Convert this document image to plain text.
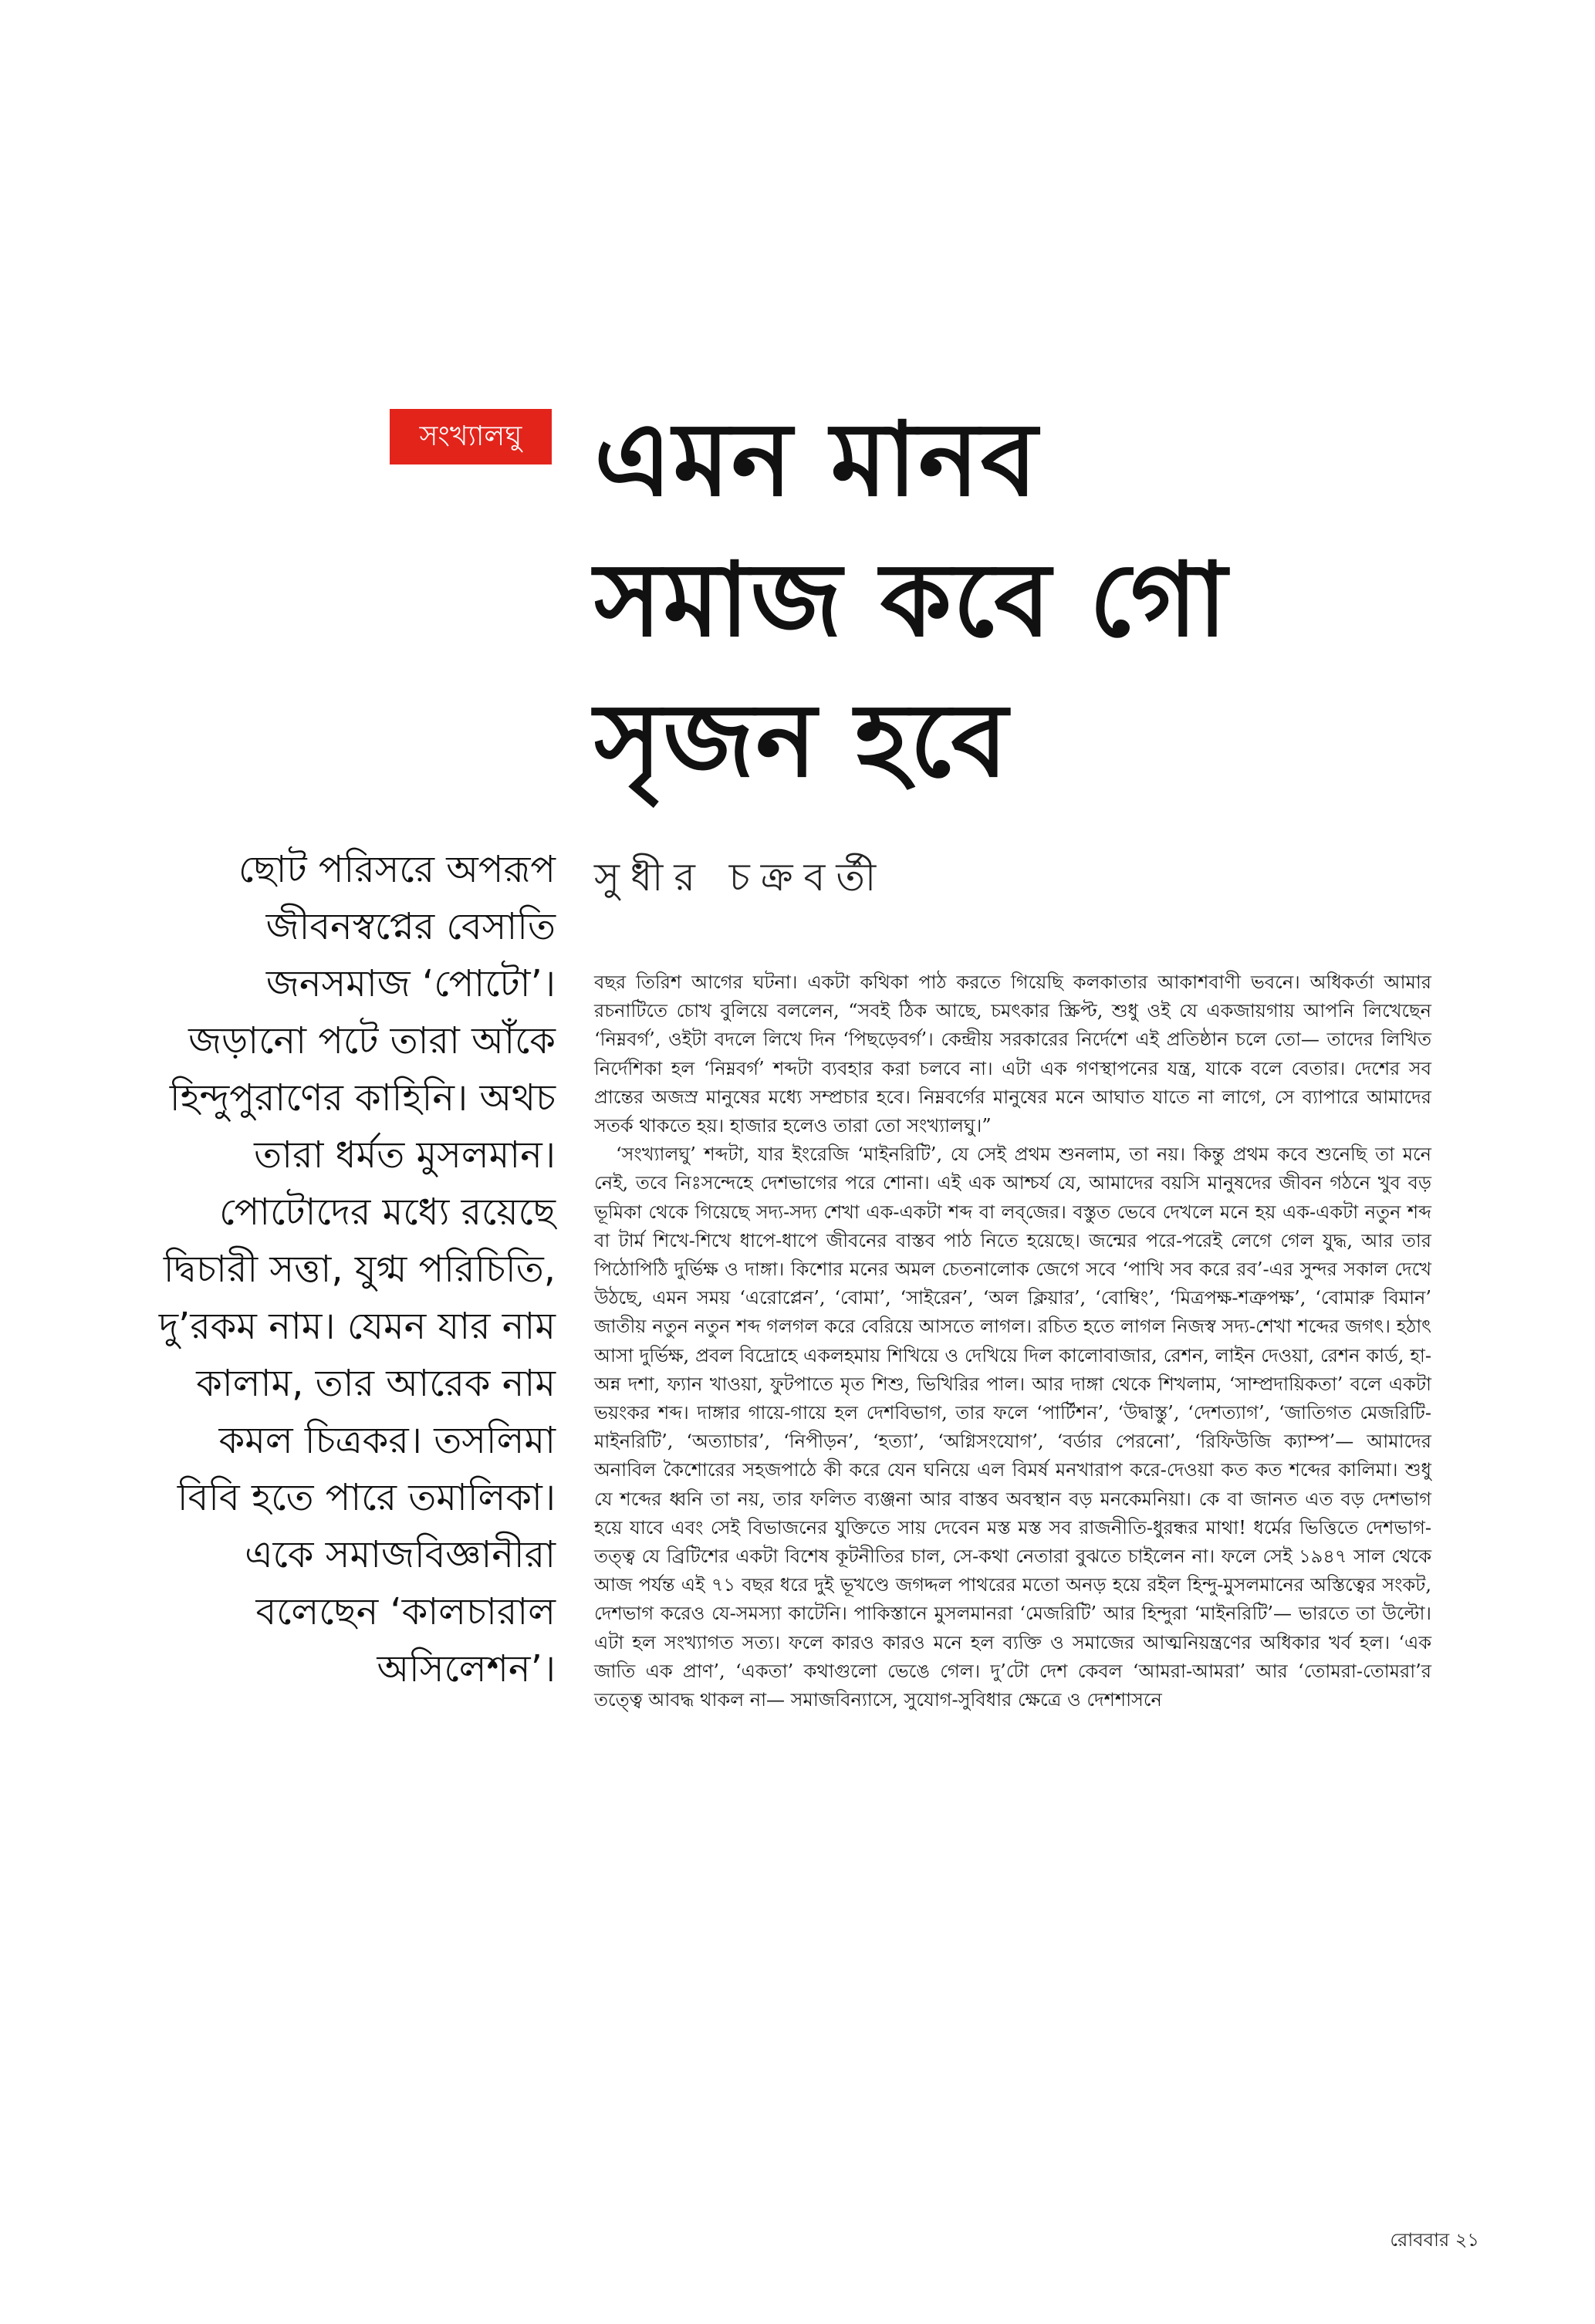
সংখ্যালঘু এমন মানব
সমাজ কবে গো
সৃজন হবে
সুধীর চক্রবর্তী
ছোট পরিসরে অপরূপ জীবনস্বপ্নের বেসাতি জনসমাজ ‘পোটো’। জড়ানো পটে তারা আঁকে হিন্দুপুরাণের কাহিনি। অথচ তারা ধর্মত মুসলমান। পোটোদের মধ্যে রয়েছে দ্বিচারী সত্তা, যুগ্ম পরিচিতি, দু’রকম নাম। যেমন যার নাম কালাম, তার আরেক নাম কমল চিত্রকর। তসলিমা বিবি হতে পারে তমালিকা। একে সমাজবিজ্ঞানীরা বলেছেন ‘কালচারাল অসিলেশন’।

বছর তিরিশ আগের ঘটনা। একটা কথিকা পাঠ করতে গিয়েছি কলকাতার আকাশবাণী ভবনে। অধিকর্তা আমার রচনাটিতে চোখ বুলিয়ে বললেন, “সবই ঠিক আছে, চমৎকার স্ক্রিপ্ট, শুধু ওই যে একজায়গায় আপনি লিখেছেন ‘নিম্নবর্গ’, ওইটা বদলে লিখে দিন ‘পিছড়েবর্গ’। কেন্দ্রীয় সরকারের নির্দেশে এই প্রতিষ্ঠান চলে তো— তাদের লিখিত নির্দেশিকা হল ‘নিম্নবর্গ’ শব্দটা ব্যবহার করা চলবে না। এটা এক গণস্থাপনের যন্ত্র, যাকে বলে বেতার। দেশের সব প্রান্তের অজস্র মানুষের মধ্যে সম্প্রচার হবে। নিম্নবর্গের মানুষের মনে আঘাত যাতে না লাগে, সে ব্যাপারে আমাদের সতর্ক থাকতে হয়। হাজার হলেও তারা তো সংখ্যালঘু।”

‘সংখ্যালঘু’ শব্দটা, যার ইংরেজি ‘মাইনরিটি’, যে সেই প্রথম শুনলাম, তা নয়। কিন্তু প্রথম কবে শুনেছি তা মনে নেই, তবে নিঃসন্দেহে দেশভাগের পরে শোনা। এই এক আশ্চর্য যে, আমাদের বয়সি মানুষদের জীবন গঠনে খুব বড় ভূমিকা থেকে গিয়েছে সদ্য-সদ্য শেখা এক-একটা শব্দ বা লব্‌জের। বস্তুত ভেবে দেখলে মনে হয় এক-একটা নতুন শব্দ বা টার্ম শিখে-শিখে ধাপে-ধাপে জীবনের বাস্তব পাঠ নিতে হয়েছে। জন্মের পরে-পরেই লেগে গেল যুদ্ধ, আর তার পিঠোপিঠি দুর্ভিক্ষ ও দাঙ্গা। কিশোর মনের অমল চেতনালোক জেগে সবে ‘পাখি সব করে রব’-এর সুন্দর সকাল দেখে উঠছে, এমন সময় ‘এরোপ্লেন’, ‘বোমা’, ‘সাইরেন’, ‘অল ক্লিয়ার’, ‘বোম্বিং’, ‘মিত্রপক্ষ-শত্রুপক্ষ’, ‘বোমারু বিমান’ জাতীয় নতুন নতুন শব্দ গলগল করে বেরিয়ে আসতে লাগল। রচিত হতে লাগল নিজস্ব সদ্য-শেখা শব্দের জগৎ। হঠাৎ আসা দুর্ভিক্ষ, প্রবল বিদ্রোহে একলহমায় শিখিয়ে ও দেখিয়ে দিল কালোবাজার, রেশন, লাইন দেওয়া, রেশন কার্ড, হা-অন্ন দশা, ফ্যান খাওয়া, ফুটপাতে মৃত শিশু, ভিখিরির পাল। আর দাঙ্গা থেকে শিখলাম, ‘সাম্প্রদায়িকতা’ বলে একটা ভয়ংকর শব্দ। দাঙ্গার গায়ে-গায়ে হল দেশবিভাগ, তার ফলে ‘পার্টিশন’, ‘উদ্বাস্তু’, ‘দেশত্যাগ’, ‘জাতিগত মেজরিটি-মাইনরিটি’, ‘অত্যাচার’, ‘নিপীড়ন’, ‘হত্যা’, ‘অগ্নিসংযোগ’, ‘বর্ডার পেরনো’, ‘রিফিউজি ক্যাম্প’— আমাদের অনাবিল কৈশোরের সহজপাঠে কী করে যেন ঘনিয়ে এল বিমর্ষ মনখারাপ করে-দেওয়া কত কত শব্দের কালিমা। শুধু যে শব্দের ধ্বনি তা নয়, তার ফলিত ব্যঞ্জনা আর বাস্তব অবস্থান বড় মনকেমনিয়া। কে বা জানত এত বড় দেশভাগ হয়ে যাবে এবং সেই বিভাজনের যুক্তিতে সায় দেবেন মস্ত মস্ত সব রাজনীতি-ধুরন্ধর মাথা! ধর্মের ভিত্তিতে দেশভাগ-তত্ত্ব যে ব্রিটিশের একটা বিশেষ কূটনীতির চাল, সে-কথা নেতারা বুঝতে চাইলেন না। ফলে সেই ১৯৪৭ সাল থেকে আজ পর্যন্ত এই ৭১ বছর ধরে দুই ভূখণ্ডে জগদ্দল পাথরের মতো অনড় হয়ে রইল হিন্দু-মুসলমানের অস্তিত্বের সংকট, দেশভাগ করেও যে-সমস্যা কাটেনি। পাকিস্তানে মুসলমানরা ‘মেজরিটি’ আর হিন্দুরা ‘মাইনরিটি’— ভারতে তা উল্টো। এটা হল সংখ্যাগত সত্য। ফলে কারও কারও মনে হল ব্যক্তি ও সমাজের আত্মনিয়ন্ত্রণের অধিকার খর্ব হল। ‘এক জাতি এক প্রাণ’, ‘একতা’ কথাগুলো ভেঙে গেল। দু’টো দেশ কেবল ‘আমরা-আমরা’ আর ‘তোমরা-তোমরা’র তত্ত্বে আবদ্ধ থাকল না— সমাজবিন্যাসে, সুযোগ-সুবিধার ক্ষেত্রে ও দেশশাসনে

রোববার ২১
